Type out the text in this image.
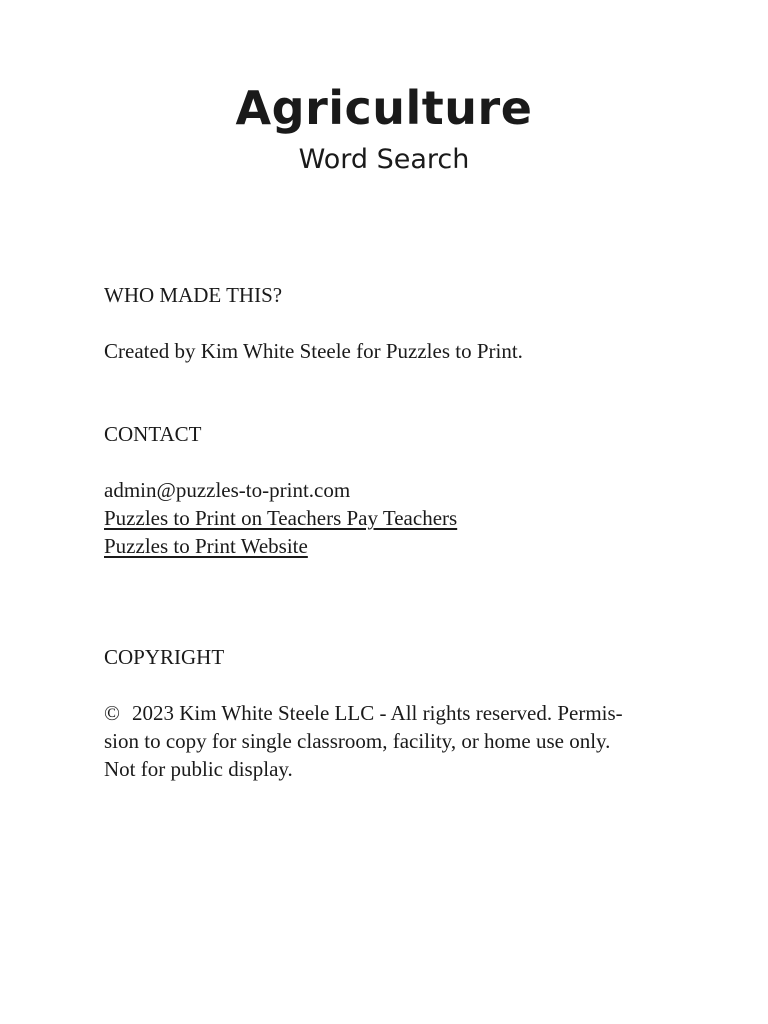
Agriculture
Word Search
WHO MADE THIS?
Created by Kim White Steele for Puzzles to Print.
CONTACT
admin@puzzles-to-print.com
Puzzles to Print on Teachers Pay Teachers
Puzzles to Print Website
COPYRIGHT
© 2023 Kim White Steele LLC - All rights reserved. Permis-
sion to copy for single classroom, facility, or home use only.
Not for public display.
